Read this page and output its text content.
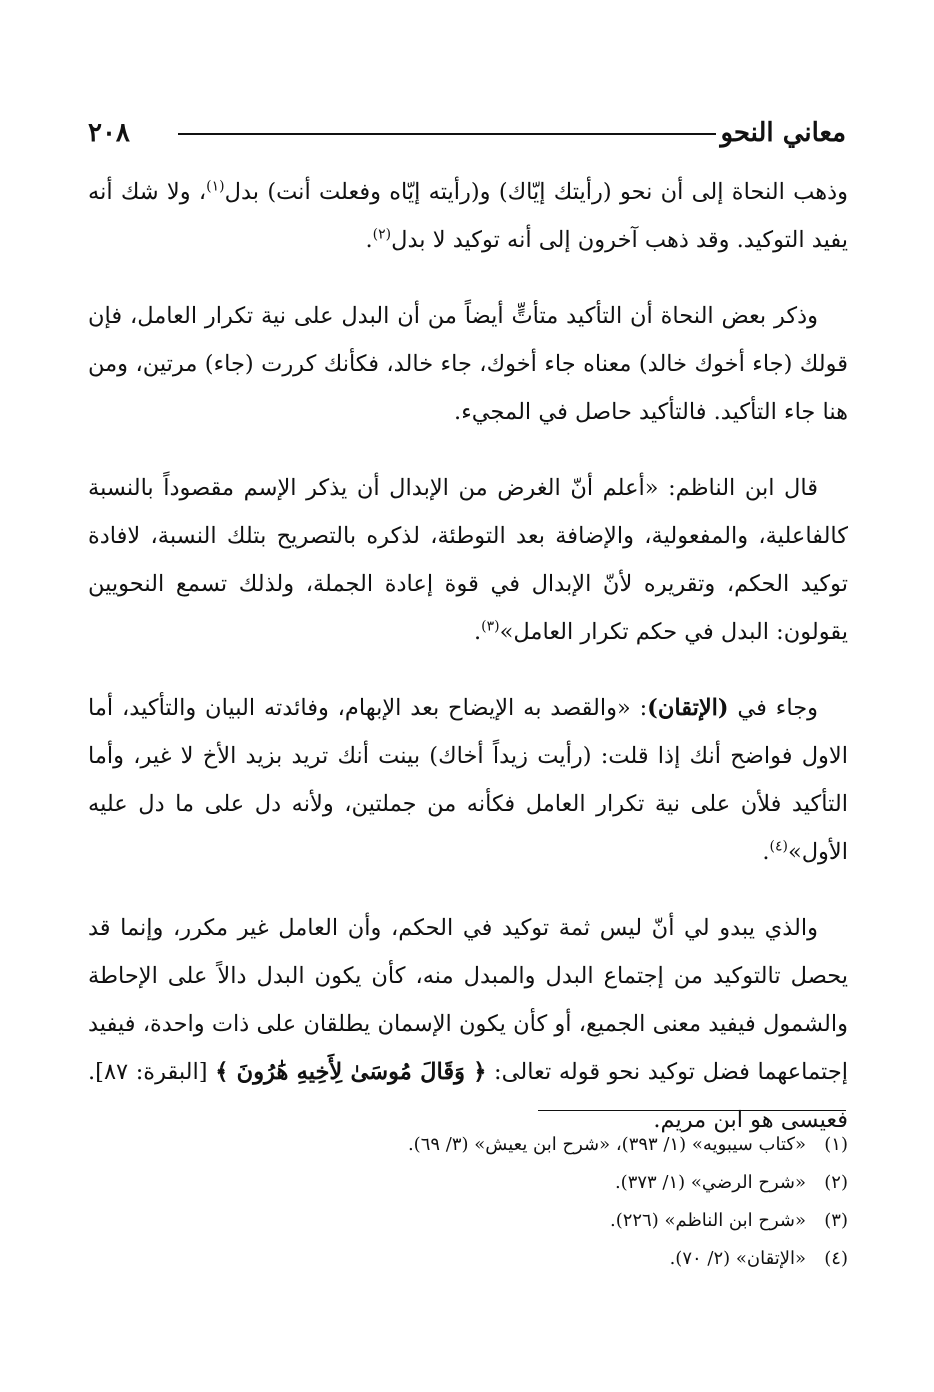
معاني النحو
٢٠٨

وذهب النحاة إلى أن نحو (رأيتك إيّاك) و(رأيته إيّاه وفعلت أنت) بدل$^{(١)}$، ولا شك أنه يفيد التوكيد. وقد ذهب آخرون إلى أنه توكيد لا بدل$^{(٢)}$.

وذكر بعض النحاة أن التأكيد متأتٍّ أيضاً من أن البدل على نية تكرار العامل، فإن قولك (جاء أخوك خالد) معناه جاء أخوك، جاء خالد، فكأنك كررت (جاء) مرتين، ومن هنا جاء التأكيد. فالتأكيد حاصل في المجيء.

قال ابن الناظم: «أعلم أنّ الغرض من الإبدال أن يذكر الإسم مقصوداً بالنسبة كالفاعلية، والمفعولية، والإضافة بعد التوطئة، لذكره بالتصريح بتلك النسبة، لافادة توكيد الحكم، وتقريره لأنّ الإبدال في قوة إعادة الجملة، ولذلك تسمع النحويين يقولون: البدل في حكم تكرار العامل»$^{(٣)}$.

وجاء في (الإتقان): «والقصد به الإيضاح بعد الإبهام، وفائدته البيان والتأكيد، أما الاول فواضح أنك إذا قلت: (رأيت زيداً أخاك) بينت أنك تريد بزيد الأخ لا غير، وأما التأكيد فلأن على نية تكرار العامل فكأنه من جملتين، ولأنه دل على ما دل عليه الأول»$^{(٤)}$.

والذي يبدو لي أنّ ليس ثمة توكيد في الحكم، وأن العامل غير مكرر، وإنما قد يحصل تالتوكيد من إجتماع البدل والمبدل منه، كأن يكون البدل دالاً على الإحاطة والشمول فيفيد معنى الجميع، أو كأن يكون الإسمان يطلقان على ذات واحدة، فيفيد إجتماعهما فضل توكيد نحو قوله تعالى: ﴿ وَقَالَ مُوسَىٰ لِأَخِيهِ هَٰرُونَ ﴾ [البقرة: ٨٧]. فعيسى هو ابن مريم.

(١)«كتاب سيبويه» (١/ ٣٩٣)، «شرح ابن يعيش» (٣/ ٦٩).

(٢)«شرح الرضي» (١/ ٣٧٣).

(٣)«شرح ابن الناظم» (٢٢٦).

(٤)«الإتقان» (٢/ ٧٠).
